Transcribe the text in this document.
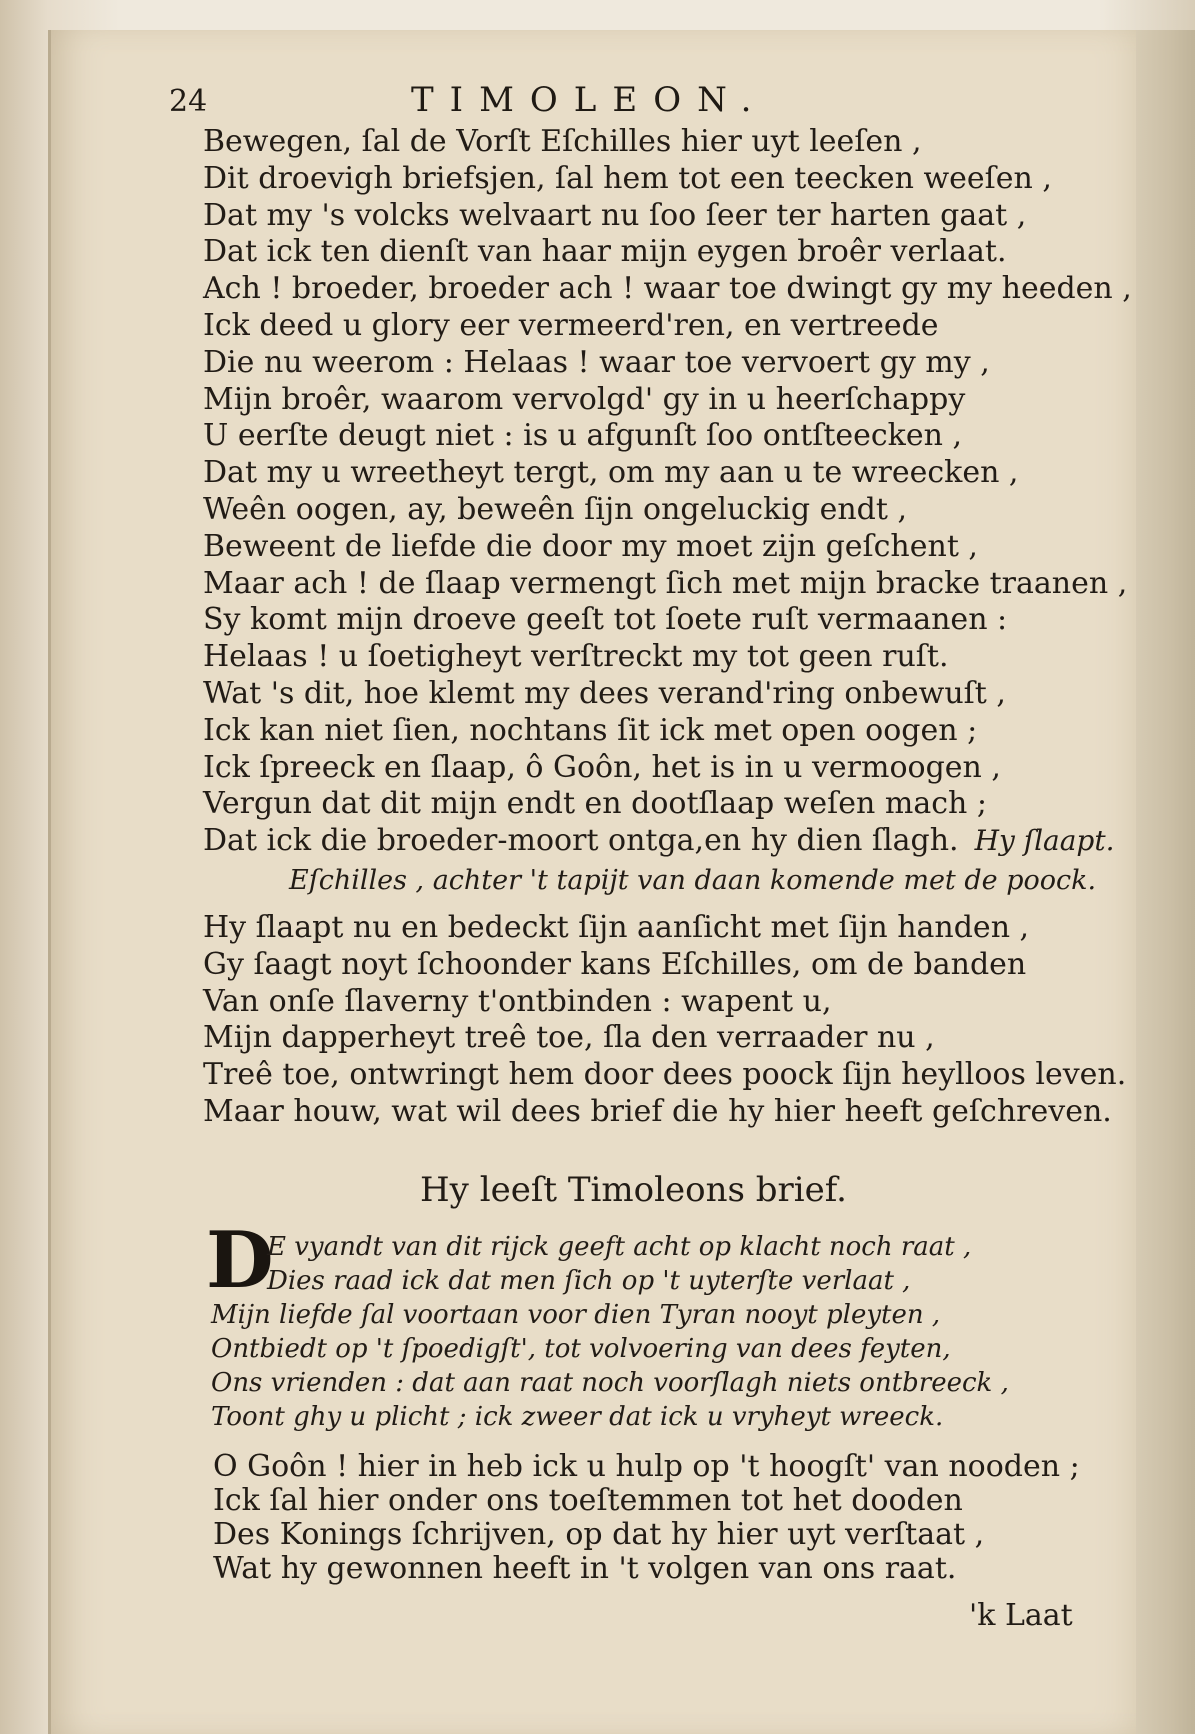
24	TIMOLEON.
Bewegen, ſal de Vorſt Eſchilles hier uyt leeſen ,
Dit droevigh briefsjen, ſal hem tot een teecken weeſen ,
Dat my 's volcks welvaart nu ſoo ſeer ter harten gaat ,
Dat ick ten dienſt van haar mijn eygen broêr verlaat.
Ach ! broeder, broeder ach ! waar toe dwingt gy my heeden ,
Ick deed u glory eer vermeerd'ren, en vertreede
Die nu weerom : Helaas ! waar toe vervoert gy my ,
Mijn broêr, waarom vervolgd' gy in u heerſchappy
U eerſte deugt niet : is u afgunſt ſoo ontſteecken ,
Dat my u wreetheyt tergt, om my aan u te wreecken ,
Weên oogen, ay, beweên ſijn ongeluckig endt ,
Beweent de liefde die door my moet zijn geſchent ,
Maar ach ! de ſlaap vermengt ſich met mijn bracke traanen ,
Sy komt mijn droeve geeſt tot ſoete ruſt vermaanen :
Helaas ! u ſoetigheyt verſtreckt my tot geen ruſt.
Wat 's dit, hoe klemt my dees verand'ring onbewuſt ,
Ick kan niet ſien, nochtans ſit ick met open oogen ;
Ick ſpreeck en ſlaap, ô Goôn, het is in u vermoogen ,
Vergun dat dit mijn endt en dootſlaap weſen mach ;
Dat ick die broeder-moort ontga,en hy dien ſlagh. Hy ſlaapt.
Eſchilles , achter 't tapijt van daan komende met de poock.
Hy ſlaapt nu en bedeckt ſijn aanſicht met ſijn handen ,
Gy ſaagt noyt ſchoonder kans Eſchilles, om de banden
Van onſe ſlaverny t'ontbinden : wapent u,
Mijn dapperheyt treê toe, ſla den verraader nu ,
Treê toe, ontwringt hem door dees poock ſijn heylloos leven.
Maar houw, wat wil dees brief die hy hier heeft geſchreven.
Hy leeſt Timoleons brief.
D
E vyandt van dit rijck geeft acht op klacht noch raat ,
Dies raad ick dat men ſich op 't uyterſte verlaat ,
Mijn liefde ſal voortaan voor dien Tyran nooyt pleyten ,
Ontbiedt op 't ſpoedigſt', tot volvoering van dees feyten,
Ons vrienden : dat aan raat noch voorſlagh niets ontbreeck ,
Toont ghy u plicht ; ick zweer dat ick u vryheyt wreeck.
O Goôn ! hier in heb ick u hulp op 't hoogſt' van nooden ;
Ick ſal hier onder ons toeſtemmen tot het dooden
Des Konings ſchrijven, op dat hy hier uyt verſtaat ,
Wat hy gewonnen heeft in 't volgen van ons raat.
'k Laat
